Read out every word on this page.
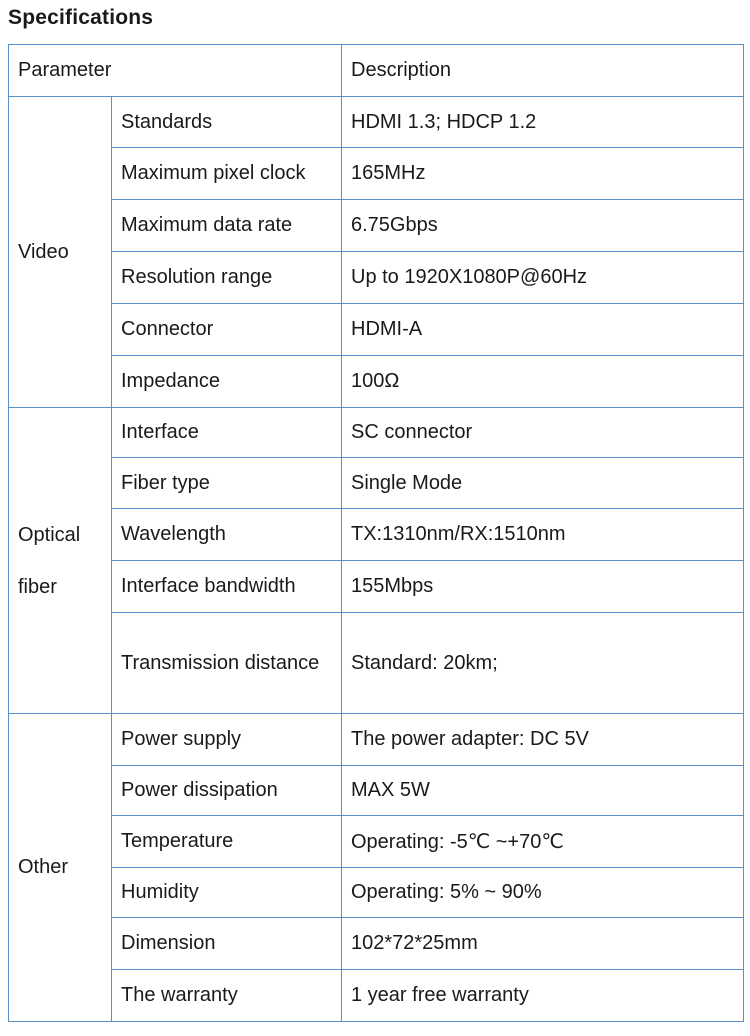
Specifications
Parameter		Description
Video	Standards	HDMI 1.3; HDCP 1.2
	Maximum pixel clock	165MHz
	Maximum data rate	6.75Gbps
	Resolution range	Up to 1920X1080P@60Hz
	Connector	HDMI-A
	Impedance	100Ω
Optical fiber	Interface	SC connector
	Fiber type	Single Mode
	Wavelength	TX:1310nm/RX:1510nm
	Interface bandwidth	155Mbps
	Transmission distance	Standard: 20km;
Other	Power supply	The power adapter: DC 5V
	Power dissipation	MAX 5W
	Temperature	Operating: -5℃ ~+70℃
	Humidity	Operating: 5% ~ 90%
	Dimension	102*72*25mm
	The warranty	1 year free warranty
